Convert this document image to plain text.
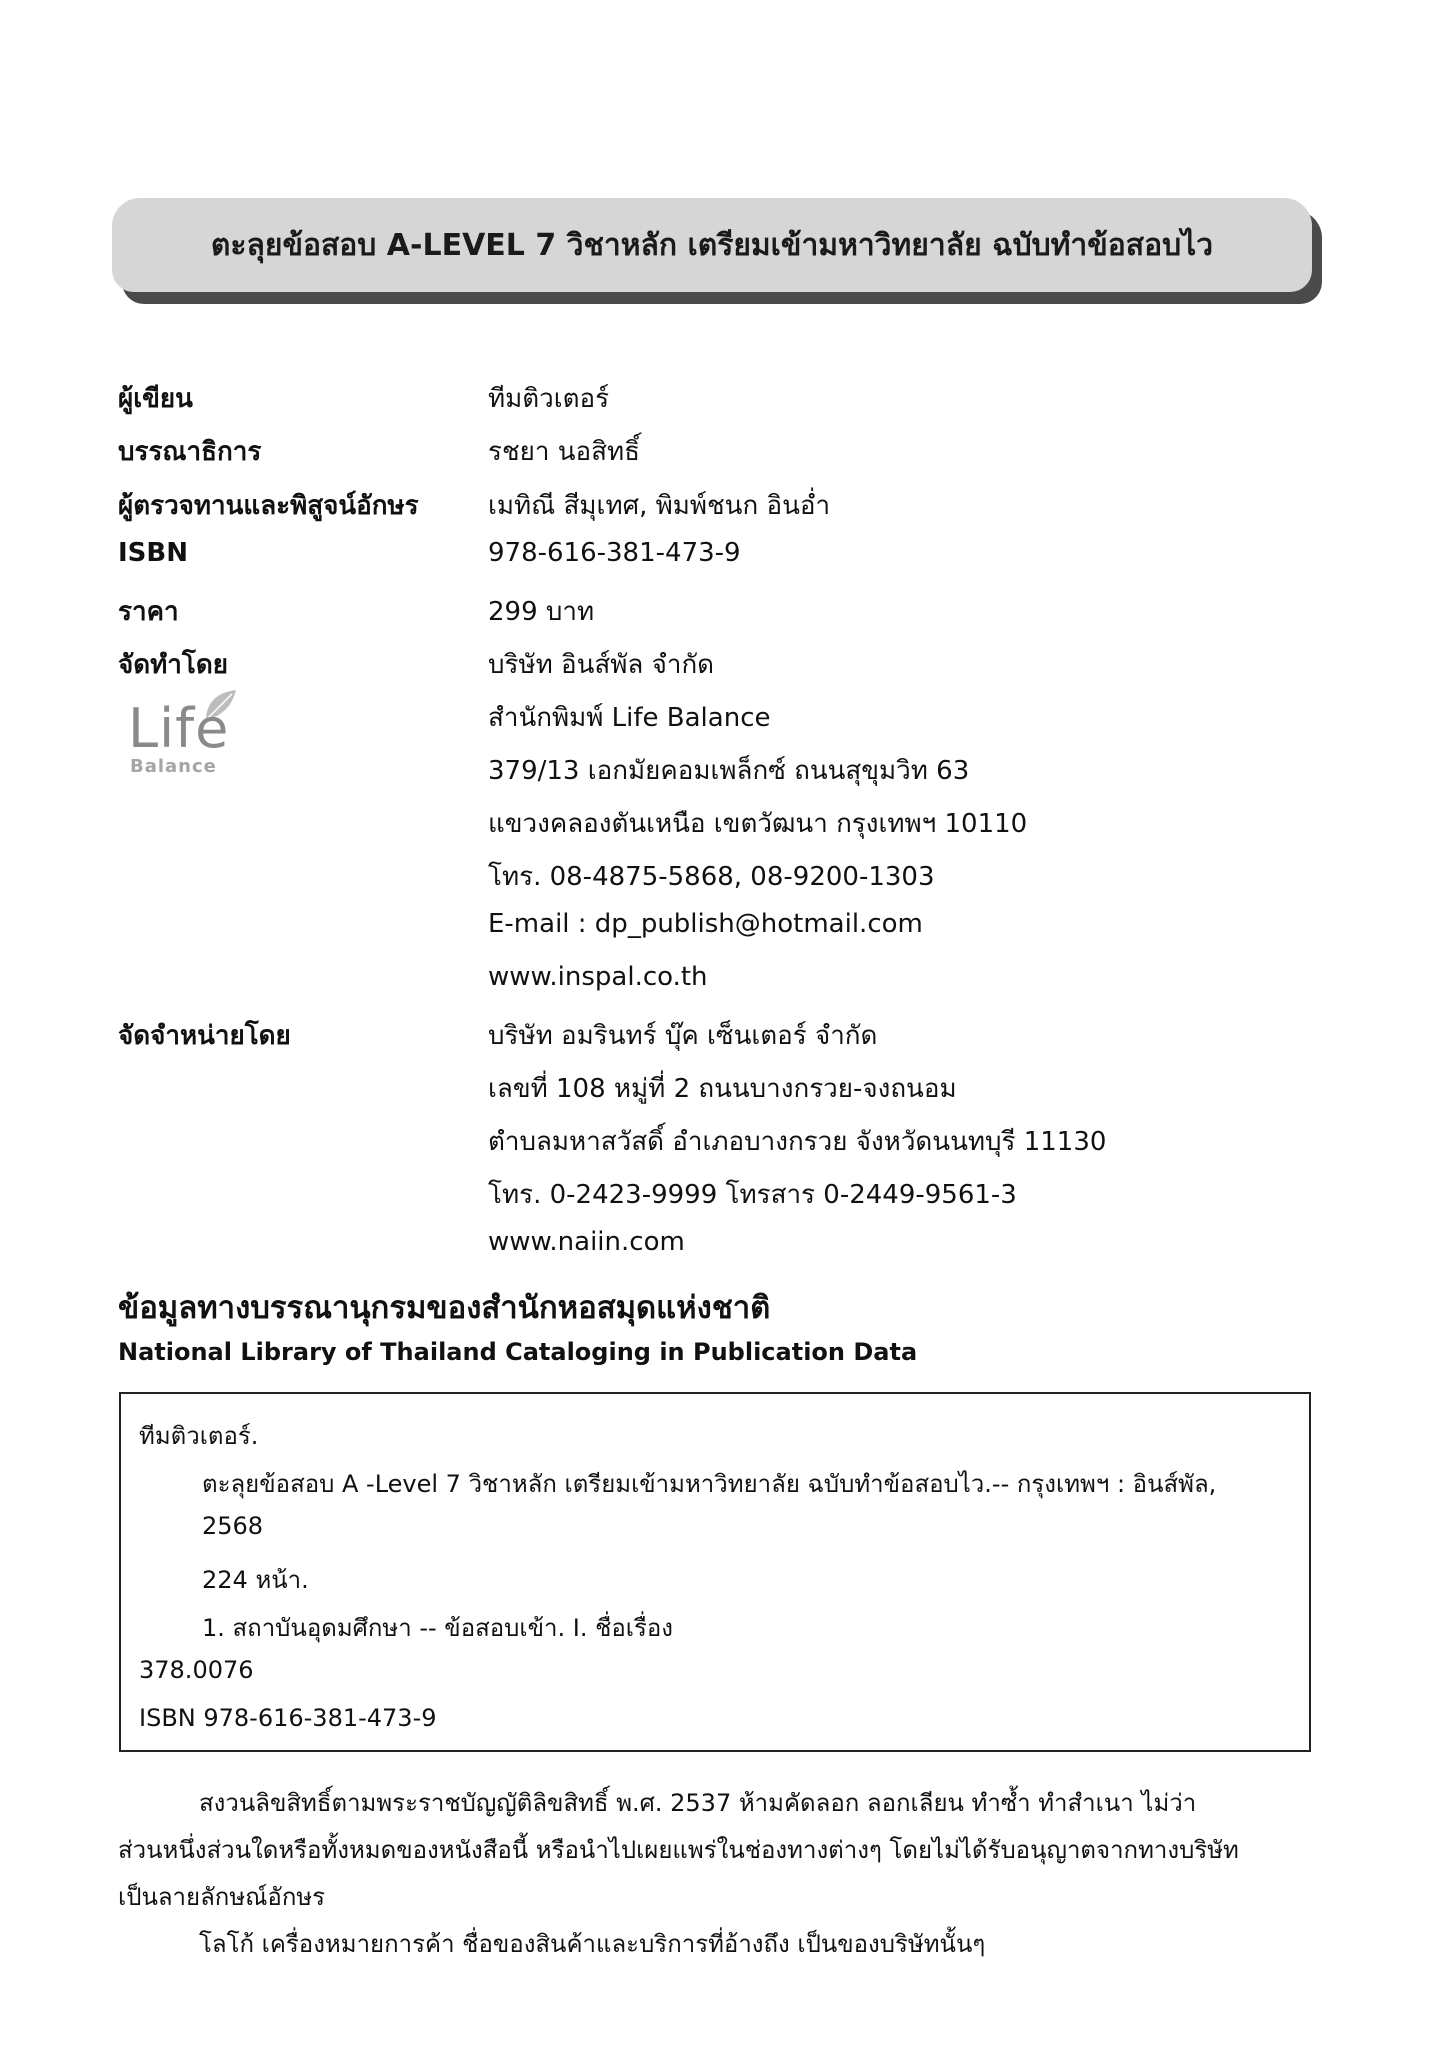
ตะลุยข้อสอบ A-LEVEL 7 วิชาหลัก เตรียมเข้ามหาวิทยาลัย ฉบับทำข้อสอบไว
ผู้เขียน	ทีมติวเตอร์
บรรณาธิการ	รชยา นอสิทธิ์
ผู้ตรวจทานและพิสูจน์อักษร	เมทิณี สีมุเทศ, พิมพ์ชนก อินอ่ำ
ISBN	978-616-381-473-9
ราคา	299 บาท
จัดทำโดย	บริษัท อินส์พัล จำกัด
Life
Balance
สำนักพิมพ์ Life Balance
379/13 เอกมัยคอมเพล็กซ์ ถนนสุขุมวิท 63
แขวงคลองตันเหนือ เขตวัฒนา กรุงเทพฯ 10110
โทร. 08-4875-5868, 08-9200-1303
E-mail : dp_publish@hotmail.com
www.inspal.co.th
จัดจำหน่ายโดย	บริษัท อมรินทร์ บุ๊ค เซ็นเตอร์ จำกัด
เลขที่ 108 หมู่ที่ 2 ถนนบางกรวย-จงถนอม
ตำบลมหาสวัสดิ์ อำเภอบางกรวย จังหวัดนนทบุรี 11130
โทร. 0-2423-9999 โทรสาร 0-2449-9561-3
www.naiin.com
ข้อมูลทางบรรณานุกรมของสำนักหอสมุดแห่งชาติ
National Library of Thailand Cataloging in Publication Data
ทีมติวเตอร์.
ตะลุยข้อสอบ A -Level 7 วิชาหลัก เตรียมเข้ามหาวิทยาลัย ฉบับทำข้อสอบไว.-- กรุงเทพฯ : อินส์พัล,
2568
224 หน้า.
1. สถาบันอุดมศึกษา -- ข้อสอบเข้า. I. ชื่อเรื่อง
378.0076
ISBN 978-616-381-473-9
สงวนลิขสิทธิ์ตามพระราชบัญญัติลิขสิทธิ์ พ.ศ. 2537 ห้ามคัดลอก ลอกเลียน ทำซ้ำ ทำสำเนา ไม่ว่า
ส่วนหนึ่งส่วนใดหรือทั้งหมดของหนังสือนี้ หรือนำไปเผยแพร่ในช่องทางต่างๆ โดยไม่ได้รับอนุญาตจากทางบริษัท
เป็นลายลักษณ์อักษร
โลโก้ เครื่องหมายการค้า ชื่อของสินค้าและบริการที่อ้างถึง เป็นของบริษัทนั้นๆ
